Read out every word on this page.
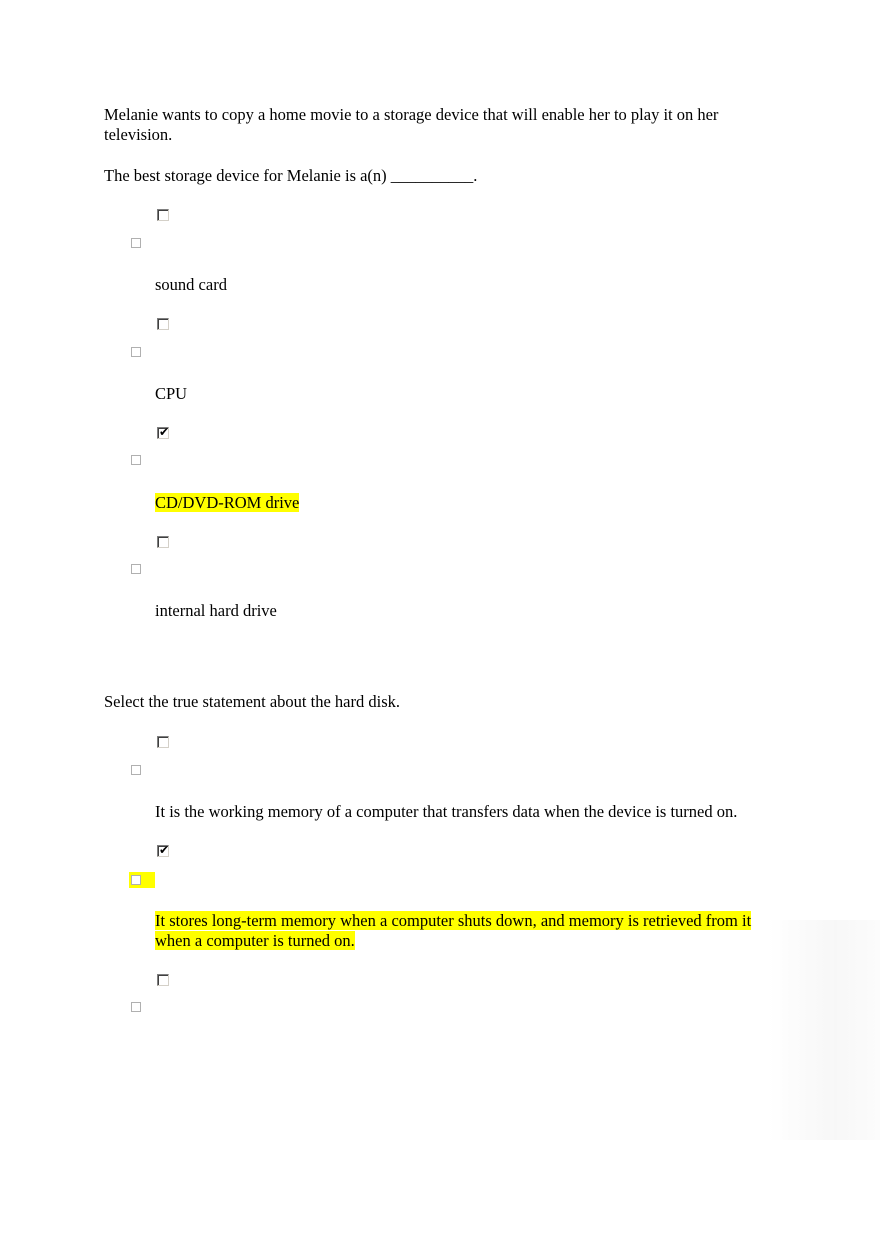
Melanie wants to copy a home movie to a storage device that will enable her to play it on her television.
The best storage device for Melanie is a(n) __________.
sound card
CPU
✔
CD/DVD-ROM drive
internal hard drive
Select the true statement about the hard disk.
It is the working memory of a computer that transfers data when the device is turned on.
✔
It stores long-term memory when a computer shuts down, and memory is retrieved from it when a computer is turned on.
